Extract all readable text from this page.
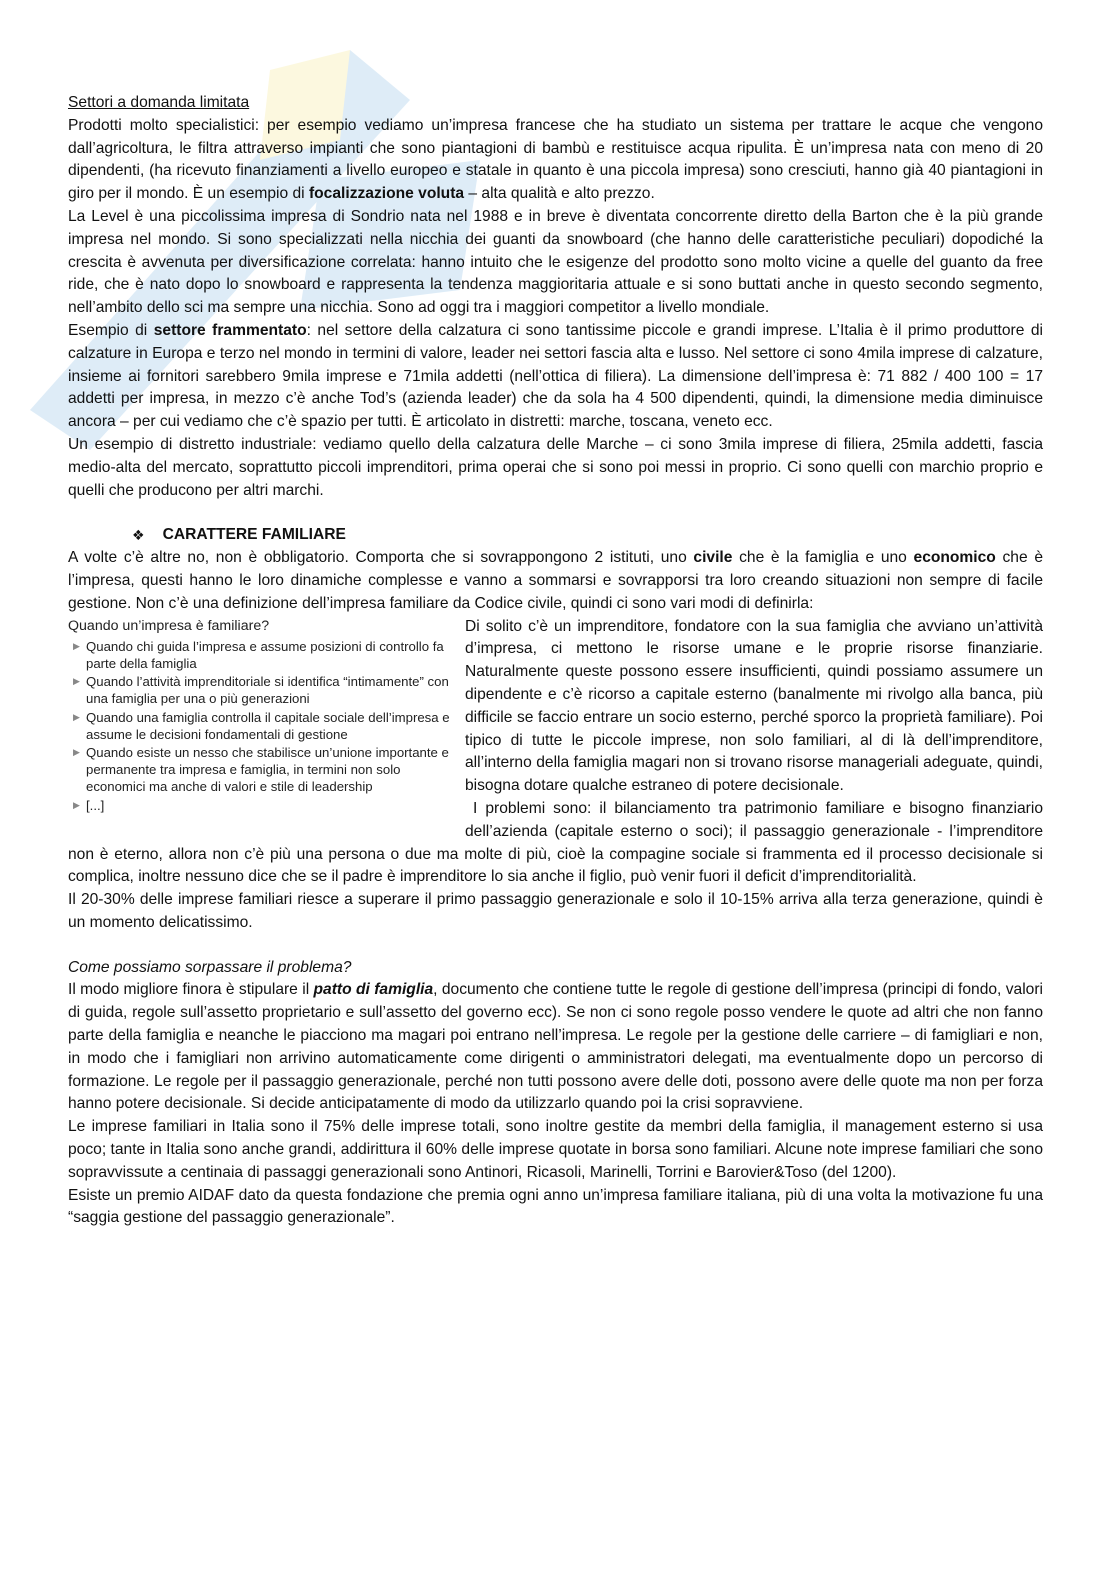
Settori a domanda limitata

Prodotti molto specialistici: per esempio vediamo un’impresa francese che ha studiato un sistema per trattare le acque che vengono dall’agricoltura, le filtra attraverso impianti che sono piantagioni di bambù e restituisce acqua ripulita. È un’impresa nata con meno di 20 dipendenti, (ha ricevuto finanziamenti a livello europeo e statale in quanto è una piccola impresa) sono cresciuti, hanno già 40 piantagioni in giro per il mondo. È un esempio di focalizzazione voluta – alta qualità e alto prezzo.

La Level è una piccolissima impresa di Sondrio nata nel 1988 e in breve è diventata concorrente diretto della Barton che è la più grande impresa nel mondo. Si sono specializzati nella nicchia dei guanti da snowboard (che hanno delle caratteristiche peculiari) dopodiché la crescita è avvenuta per diversificazione correlata: hanno intuito che le esigenze del prodotto sono molto vicine a quelle del guanto da free ride, che è nato dopo lo snowboard e rappresenta la tendenza maggioritaria attuale e si sono buttati anche in questo secondo segmento, nell’ambito dello sci ma sempre una nicchia. Sono ad oggi tra i maggiori competitor a livello mondiale.

Esempio di settore frammentato: nel settore della calzatura ci sono tantissime piccole e grandi imprese. L’Italia è il primo produttore di calzature in Europa e terzo nel mondo in termini di valore, leader nei settori fascia alta e lusso. Nel settore ci sono 4mila imprese di calzature, insieme ai fornitori sarebbero 9mila imprese e 71mila addetti (nell’ottica di filiera). La dimensione dell’impresa è: 71 882 / 400 100 = 17 addetti per impresa, in mezzo c’è anche Tod’s (azienda leader) che da sola ha 4 500 dipendenti, quindi, la dimensione media diminuisce ancora – per cui vediamo che c’è spazio per tutti. È articolato in distretti: marche, toscana, veneto ecc.

Un esempio di distretto industriale: vediamo quello della calzatura delle Marche – ci sono 3mila imprese di filiera, 25mila addetti, fascia medio-alta del mercato, soprattutto piccoli imprenditori, prima operai che si sono poi messi in proprio. Ci sono quelli con marchio proprio e quelli che producono per altri marchi.

❖ CARATTERE FAMILIARE

A volte c’è altre no, non è obbligatorio. Comporta che si sovrappongono 2 istituti, uno civile che è la famiglia e uno economico che è l’impresa, questi hanno le loro dinamiche complesse e vanno a sommarsi e sovrapporsi tra loro creando situazioni non sempre di facile gestione. Non c’è una definizione dell’impresa familiare da Codice civile, quindi ci sono vari modi di definirla:

Quando un’impresa è familiare?
▶ Quando chi guida l’impresa e assume posizioni di controllo fa parte della famiglia
▶ Quando l’attività imprenditoriale si identifica “intimamente” con una famiglia per una o più generazioni
▶ Quando una famiglia controlla il capitale sociale dell’impresa e assume le decisioni fondamentali di gestione
▶ Quando esiste un nesso che stabilisce un’unione importante e permanente tra impresa e famiglia, in termini non solo economici ma anche di valori e stile di leadership
▶ [...]

Di solito c’è un imprenditore, fondatore con la sua famiglia che avviano un’attività d’impresa, ci mettono le risorse umane e le proprie risorse finanziarie. Naturalmente queste possono essere insufficienti, quindi possiamo assumere un dipendente e c’è ricorso a capitale esterno (banalmente mi rivolgo alla banca, più difficile se faccio entrare un socio esterno, perché sporco la proprietà familiare). Poi tipico di tutte le piccole imprese, non solo familiari, al di là dell’imprenditore, all’interno della famiglia magari non si trovano risorse manageriali adeguate, quindi, bisogna dotare qualche estraneo di potere decisionale.

I problemi sono: il bilanciamento tra patrimonio familiare e bisogno finanziario dell’azienda (capitale esterno o soci); il passaggio generazionale - l’imprenditore non è eterno, allora non c’è più una persona o due ma molte di più, cioè la compagine sociale si frammenta ed il processo decisionale si complica, inoltre nessuno dice che se il padre è imprenditore lo sia anche il figlio, può venir fuori il deficit d’imprenditorialità.

Il 20-30% delle imprese familiari riesce a superare il primo passaggio generazionale e solo il 10-15% arriva alla terza generazione, quindi è un momento delicatissimo.

Come possiamo sorpassare il problema?

Il modo migliore finora è stipulare il patto di famiglia, documento che contiene tutte le regole di gestione dell’impresa (principi di fondo, valori di guida, regole sull’assetto proprietario e sull’assetto del governo ecc). Se non ci sono regole posso vendere le quote ad altri che non fanno parte della famiglia e neanche le piacciono ma magari poi entrano nell’impresa. Le regole per la gestione delle carriere – di famigliari e non, in modo che i famigliari non arrivino automaticamente come dirigenti o amministratori delegati, ma eventualmente dopo un percorso di formazione. Le regole per il passaggio generazionale, perché non tutti possono avere delle doti, possono avere delle quote ma non per forza hanno potere decisionale. Si decide anticipatamente di modo da utilizzarlo quando poi la crisi sopravviene.

Le imprese familiari in Italia sono il 75% delle imprese totali, sono inoltre gestite da membri della famiglia, il management esterno si usa poco; tante in Italia sono anche grandi, addirittura il 60% delle imprese quotate in borsa sono familiari. Alcune note imprese familiari che sono sopravvissute a centinaia di passaggi generazionali sono Antinori, Ricasoli, Marinelli, Torrini e Barovier&Toso (del 1200).

Esiste un premio AIDAF dato da questa fondazione che premia ogni anno un’impresa familiare italiana, più di una volta la motivazione fu una “saggia gestione del passaggio generazionale”.
